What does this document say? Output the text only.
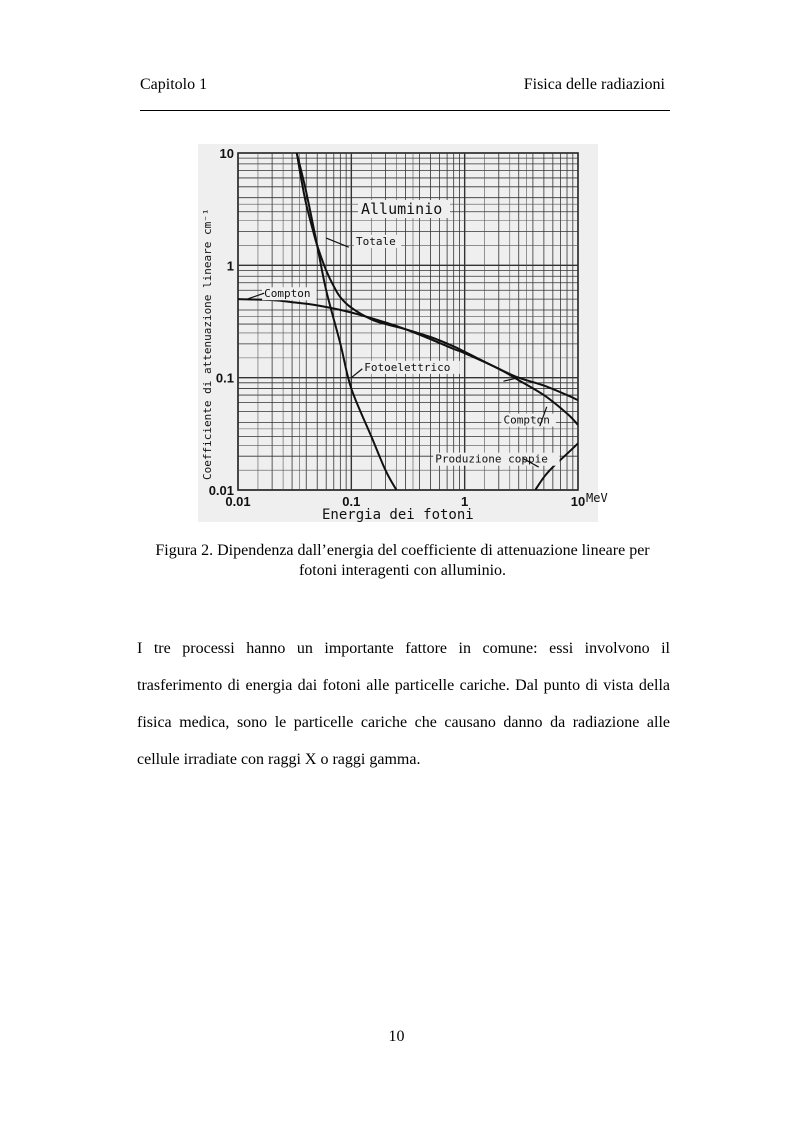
Capitolo 1	Fisica delle radiazioni
0.01	0.1	1	10
0.01
0.1
1
10
Totale
Compton
Fotoelettrico
Compton
Produzione coppie
Alluminio
Energia dei fotoni
MeV
Coefficiente di attenuazione lineare cm⁻¹
Figura 2. Dipendenza dall’energia del coefficiente di attenuazione lineare per
fotoni interagenti con alluminio.
I tre processi hanno un importante fattore in comune: essi involvono il trasferimento di energia dai fotoni alle particelle cariche. Dal punto di vista della fisica medica, sono le particelle cariche che causano danno da radiazione alle cellule irradiate con raggi X o raggi gamma.
10
